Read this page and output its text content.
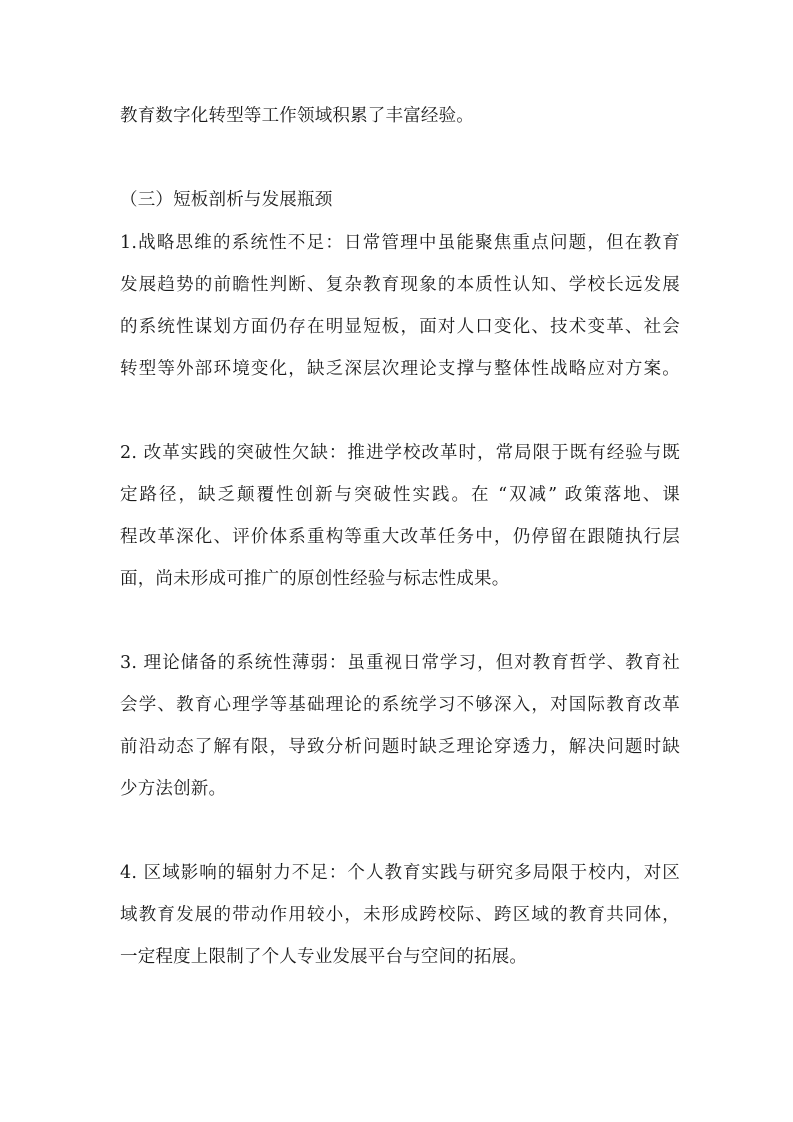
教育数字化转型等工作领域积累了丰富经验。
（三）短板剖析与发展瓶颈
1.战略思维的系统性不足：日常管理中虽能聚焦重点问题，但在教育
发展趋势的前瞻性判断、复杂教育现象的本质性认知、学校长远发展
的系统性谋划方面仍存在明显短板，面对人口变化、技术变革、社会
转型等外部环境变化，缺乏深层次理论支撑与整体性战略应对方案。
2. 改革实践的突破性欠缺：推进学校改革时，常局限于既有经验与既
定路径，缺乏颠覆性创新与突破性实践。在 “双减” 政策落地、课
程改革深化、评价体系重构等重大改革任务中，仍停留在跟随执行层
面，尚未形成可推广的原创性经验与标志性成果。
3. 理论储备的系统性薄弱：虽重视日常学习，但对教育哲学、教育社
会学、教育心理学等基础理论的系统学习不够深入，对国际教育改革
前沿动态了解有限，导致分析问题时缺乏理论穿透力，解决问题时缺
少方法创新。
4. 区域影响的辐射力不足：个人教育实践与研究多局限于校内，对区
域教育发展的带动作用较小，未形成跨校际、跨区域的教育共同体，
一定程度上限制了个人专业发展平台与空间的拓展。
